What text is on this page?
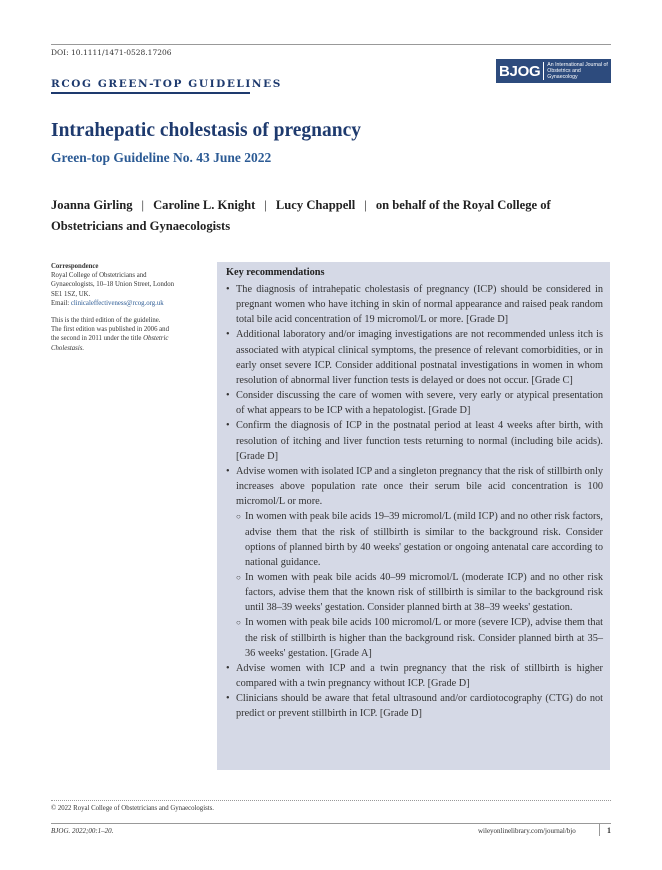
DOI: 10.1111/1471-0528.17206
RCOG GREEN-TOP GUIDELINES
BJOG An International Journal of
Obstetrics and Gynaecology
Intrahepatic cholestasis of pregnancy
Green-top Guideline No. 43 June 2022
Joanna Girling | Caroline L. Knight | Lucy Chappell | on behalf of the Royal College of Obstetricians and Gynaecologists
Correspondence
Royal College of Obstetricians and
Gynaecologists, 10–18 Union Street, London
SE1 1SZ, UK.
Email: clinicaleffectiveness@rcog.org.uk
This is the third edition of the guideline.
The first edition was published in 2006 and
the second in 2011 under the title Obstetric
Cholestasis.
Key recommendations
• The diagnosis of intrahepatic cholestasis of pregnancy (ICP) should be considered in pregnant women who have itching in skin of normal appearance and raised peak random total bile acid concentration of 19 micromol/L or more. [Grade D]
• Additional laboratory and/or imaging investigations are not recommended unless itch is associated with atypical clinical symptoms, the presence of relevant comorbidities, or in early onset severe ICP. Consider additional postnatal investigations in women in whom resolution of abnormal liver function tests is delayed or does not occur. [Grade C]
• Consider discussing the care of women with severe, very early or atypical presentation of what appears to be ICP with a hepatologist. [Grade D]
• Confirm the diagnosis of ICP in the postnatal period at least 4 weeks after birth, with resolution of itching and liver function tests returning to normal (including bile acids). [Grade D]
• Advise women with isolated ICP and a singleton pregnancy that the risk of stillbirth only increases above population rate once their serum bile acid concentration is 100 micromol/L or more.
○ In women with peak bile acids 19–39 micromol/L (mild ICP) and no other risk factors, advise them that the risk of stillbirth is similar to the background risk. Consider options of planned birth by 40 weeks' gestation or ongoing antenatal care according to national guidance.
○ In women with peak bile acids 40–99 micromol/L (moderate ICP) and no other risk factors, advise them that the known risk of stillbirth is similar to the background risk until 38–39 weeks' gestation. Consider planned birth at 38–39 weeks' gestation.
○ In women with peak bile acids 100 micromol/L or more (severe ICP), advise them that the risk of stillbirth is higher than the background risk. Consider planned birth at 35–36 weeks' gestation. [Grade A]
• Advise women with ICP and a twin pregnancy that the risk of stillbirth is higher compared with a twin pregnancy without ICP. [Grade D]
• Clinicians should be aware that fetal ultrasound and/or cardiotocography (CTG) do not predict or prevent stillbirth in ICP. [Grade D]
© 2022 Royal College of Obstetricians and Gynaecologists.
BJOG. 2022;00:1–20.	wileyonlinelibrary.com/journal/bjo	1
